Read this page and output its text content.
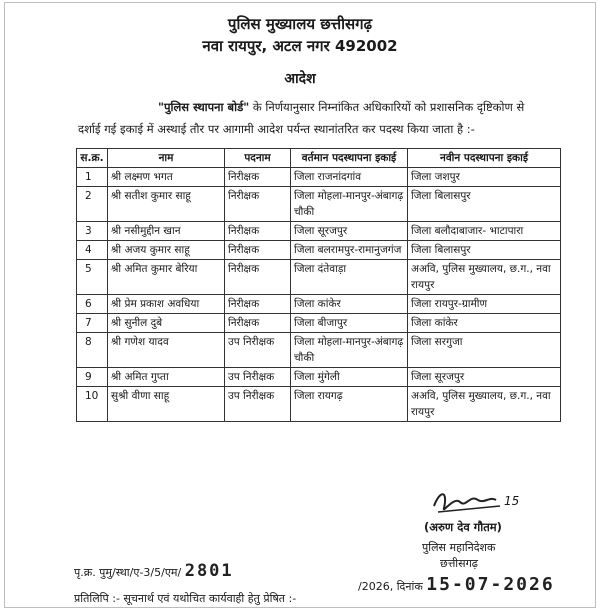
पुलिस मुख्यालय छत्तीसगढ़
नवा रायपुर, अटल नगर 492002
आदेश
"पुलिस स्थापना बोर्ड" के निर्णयानुसार निम्नांकित अधिकारियों को प्रशासनिक दृष्टिकोण से
दर्शाई गई इकाई में अस्थाई तौर पर आगामी आदेश पर्यन्त स्थानांतरित कर पदस्थ किया जाता है :-
स.क्र.	नाम	पदनाम	वर्तमान पदस्थापना इकाई	नवीन पदस्थापना इकाई
1	श्री लक्ष्मण भगत	निरीक्षक	जिला राजनांदगांव	जिला जशपुर
2	श्री सतीश कुमार साहू	निरीक्षक	जिला मोहला-मानपुर-अंबागढ़ चौकी	जिला बिलासपुर
3	श्री नसीमुद्दीन खान	निरीक्षक	जिला सूरजपुर	जिला बलौदाबाजार- भाटापारा
4	श्री अजय कुमार साहू	निरीक्षक	जिला बलरामपुर-रामानुजगंज	जिला बिलासपुर
5	श्री अमित कुमार बेरिया	निरीक्षक	जिला दंतेवाड़ा	अअवि, पुलिस मुख्यालय, छ.ग., नवा रायपुर
6	श्री प्रेम प्रकाश अवधिया	निरीक्षक	जिला कांकेर	जिला रायपुर-ग्रामीण
7	श्री सुनील दुबे	निरीक्षक	जिला बीजापुर	जिला कांकेर
8	श्री गणेश यादव	उप निरीक्षक	जिला मोहला-मानपुर-अंबागढ़ चौकी	जिला सरगुजा
9	श्री अमित गुप्ता	उप निरीक्षक	जिला मुंगेली	जिला सूरजपुर
10	सुश्री वीणा साहू	उप निरीक्षक	जिला रायगढ़	अअवि, पुलिस मुख्यालय, छ.ग., नवा रायपुर
15
(अरुण देव गौतम)
पुलिस महानिदेशक
छत्तीसगढ़
पृ.क्र. पुमु/स्था/ए-3/5/एम/ 2801
/2026, दिनांक 15-07-2026
प्रतिलिपि :- सूचनार्थ एवं यथोचित कार्यवाही हेतु प्रेषित :-
